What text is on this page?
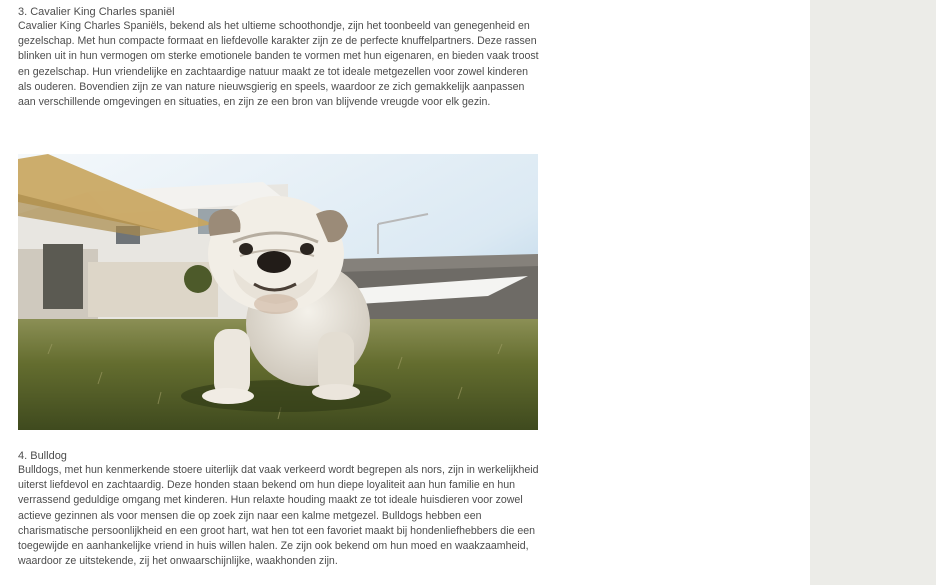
3. Cavalier King Charles spaniël

Cavalier King Charles Spaniëls, bekend als het ultieme schoothondje, zijn het toonbeeld van genegenheid en gezelschap. Met hun compacte formaat en liefdevolle karakter zijn ze de perfecte knuffelpartners. Deze rassen blinken uit in hun vermogen om sterke emotionele banden te vormen met hun eigenaren, en bieden vaak troost en gezelschap. Hun vriendelijke en zachtaardige natuur maakt ze tot ideale metgezellen voor zowel kinderen als ouderen. Bovendien zijn ze van nature nieuwsgierig en speels, waardoor ze zich gemakkelijk aanpassen aan verschillende omgevingen en situaties, en zijn ze een bron van blijvende vreugde voor elk gezin.

4. Bulldog

Bulldogs, met hun kenmerkende stoere uiterlijk dat vaak verkeerd wordt begrepen als nors, zijn in werkelijkheid uiterst liefdevol en zachtaardig. Deze honden staan bekend om hun diepe loyaliteit aan hun familie en hun verrassend geduldige omgang met kinderen. Hun relaxte houding maakt ze tot ideale huisdieren voor zowel actieve gezinnen als voor mensen die op zoek zijn naar een kalme metgezel. Bulldogs hebben een charismatische persoonlijkheid en een groot hart, wat hen tot een favoriet maakt bij hondenliefhebbers die een toegewijde en aanhankelijke vriend in huis willen halen. Ze zijn ook bekend om hun moed en waakzaamheid, waardoor ze uitstekende, zij het onwaarschijnlijke, waakhonden zijn.
